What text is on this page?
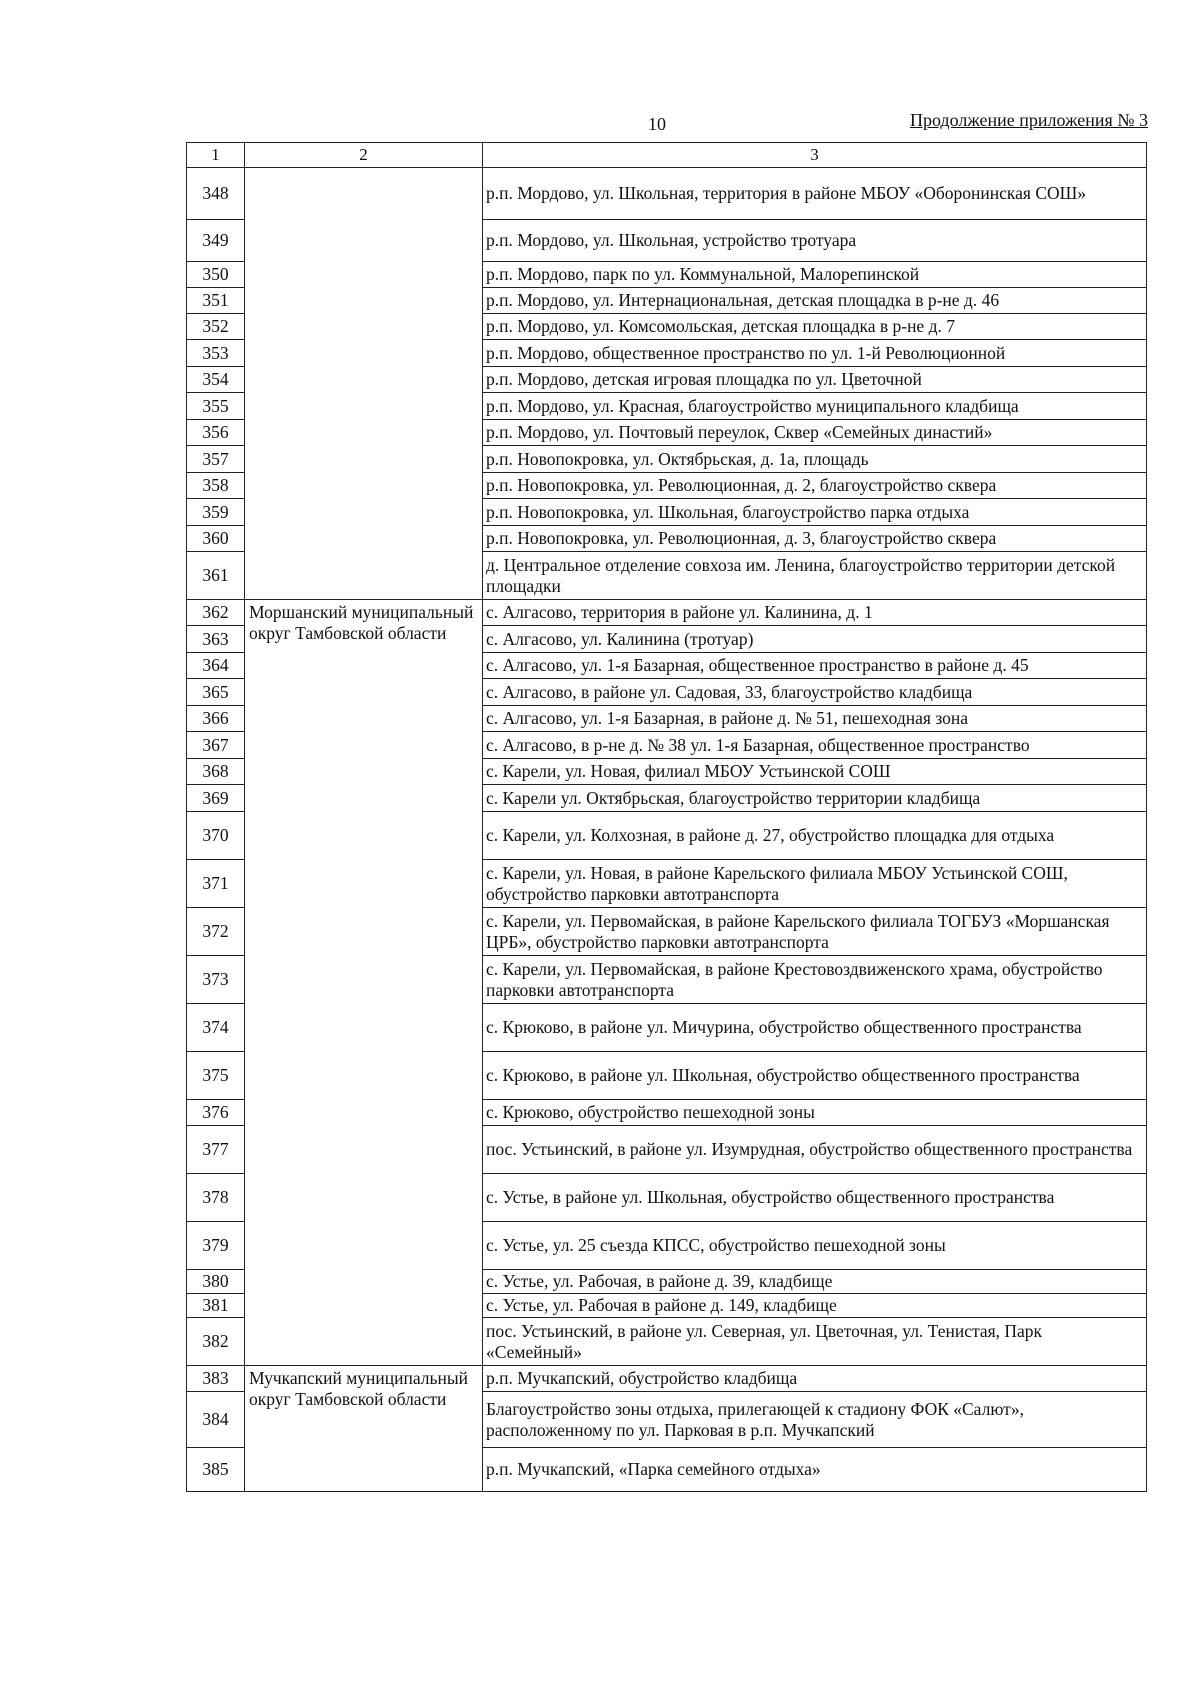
10	Продолжение приложения № 3
1	2	3
348		р.п. Мордово, ул. Школьная, территория в районе МБОУ «Оборонинская СОШ»
349		р.п. Мордово, ул. Школьная, устройство тротуара
350		р.п. Мордово, парк по ул. Коммунальной, Малорепинской
351		р.п. Мордово, ул. Интернациональная, детская площадка в р-не д. 46
352		р.п. Мордово, ул. Комсомольская, детская площадка в р-не д. 7
353		р.п. Мордово, общественное пространство по ул. 1-й Революционной
354		р.п. Мордово, детская игровая площадка по ул. Цветочной
355		р.п. Мордово, ул. Красная, благоустройство муниципального кладбища
356		р.п. Мордово, ул. Почтовый переулок, Сквер «Семейных династий»
357		р.п. Новопокровка, ул. Октябрьская, д. 1а, площадь
358		р.п. Новопокровка, ул. Революционная, д. 2, благоустройство сквера
359		р.п. Новопокровка, ул. Школьная, благоустройство парка отдыха
360		р.п. Новопокровка, ул. Революционная, д. 3, благоустройство сквера
361		д. Центральное отделение совхоза им. Ленина, благоустройство территории детской площадки
362	Моршанский муниципальный округ Тамбовской области	с. Алгасово, территория в районе ул. Калинина, д. 1
363		с. Алгасово, ул. Калинина (тротуар)
364		с. Алгасово, ул. 1-я Базарная, общественное пространство в районе д. 45
365		с. Алгасово, в районе ул. Садовая, 33, благоустройство кладбища
366		с. Алгасово, ул. 1-я Базарная, в районе д. № 51, пешеходная зона
367		с. Алгасово, в р-не д. № 38 ул. 1-я Базарная, общественное пространство
368		с. Карели, ул. Новая, филиал МБОУ Устьинской СОШ
369		с. Карели ул. Октябрьская, благоустройство территории кладбища
370		с. Карели, ул. Колхозная, в районе д. 27, обустройство площадка для отдыха
371		с. Карели, ул. Новая, в районе Карельского филиала МБОУ Устьинской СОШ, обустройство парковки автотранспорта
372		с. Карели, ул. Первомайская, в районе Карельского филиала ТОГБУЗ «Моршанская ЦРБ», обустройство парковки автотранспорта
373		с. Карели, ул. Первомайская, в районе Крестовоздвиженского храма, обустройство парковки автотранспорта
374		с. Крюково, в районе ул. Мичурина, обустройство общественного пространства
375		с. Крюково, в районе ул. Школьная, обустройство общественного пространства
376		с. Крюково, обустройство пешеходной зоны
377		пос. Устьинский, в районе ул. Изумрудная, обустройство общественного пространства
378		с. Устье, в районе ул. Школьная, обустройство общественного пространства
379		с. Устье, ул. 25 съезда КПСС, обустройство пешеходной зоны
380		с. Устье, ул. Рабочая, в районе д. 39, кладбище
381		с. Устье, ул. Рабочая в районе д. 149, кладбище
382		пос. Устьинский, в районе ул. Северная, ул. Цветочная, ул. Тенистая, Парк «Семейный»
383	Мучкапский муниципальный округ Тамбовской области	р.п. Мучкапский, обустройство кладбища
384		Благоустройство зоны отдыха, прилегающей к стадиону ФОК «Салют», расположенному по ул. Парковая в р.п. Мучкапский
385		р.п. Мучкапский, «Парка семейного отдыха»
